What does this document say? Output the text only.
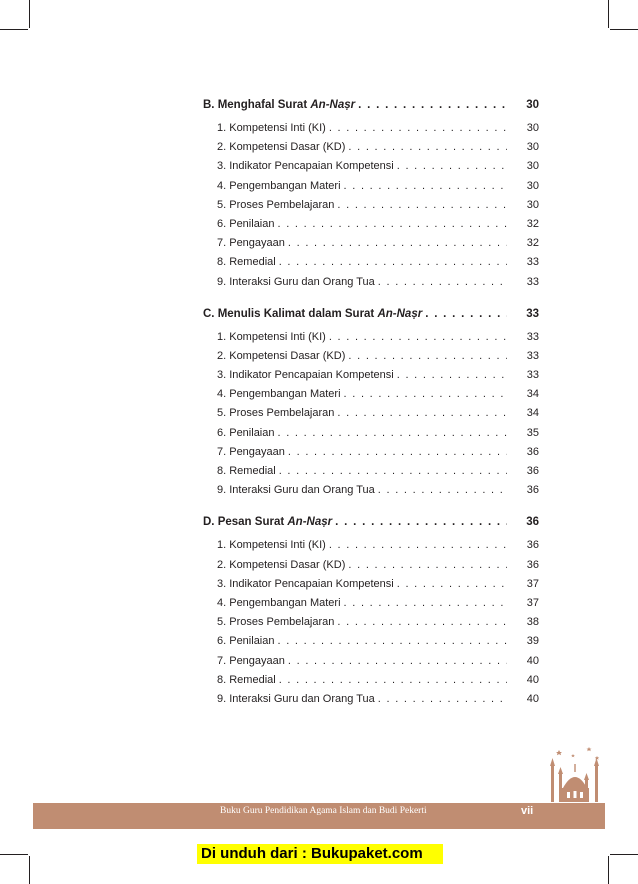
B. Menghafal Surat An-Naṣr . . .	30
1. Kompetensi Inti (KI) . . .	30
2. Kompetensi Dasar (KD) . . .	30
3. Indikator Pencapaian Kompetensi . . .	30
4. Pengembangan Materi . . .	30
5. Proses Pembelajaran . . .	30
6. Penilaian . . .	32
7. Pengayaan . . .	32
8. Remedial . . .	33
9. Interaksi Guru dan Orang Tua . . .	33
C. Menulis Kalimat dalam Surat An-Naṣr . . .	33
1. Kompetensi Inti (KI) . . .	33
2. Kompetensi Dasar (KD) . . .	33
3. Indikator Pencapaian Kompetensi . . .	33
4. Pengembangan Materi . . .	34
5. Proses Pembelajaran . . .	34
6. Penilaian . . .	35
7. Pengayaan . . .	36
8. Remedial . . .	36
9. Interaksi Guru dan Orang Tua . . .	36
D. Pesan Surat An-Naṣr . . .	36
1. Kompetensi Inti (KI) . . .	36
2. Kompetensi Dasar (KD) . . .	36
3. Indikator Pencapaian Kompetensi . . .	37
4. Pengembangan Materi . . .	37
5. Proses Pembelajaran . . .	38
6. Penilaian . . .	39
7. Pengayaan . . .	40
8. Remedial . . .	40
9. Interaksi Guru dan Orang Tua . . .	40
Buku Guru Pendidikan Agama Islam dan Budi Pekerti	vii
Di unduh dari : Bukupaket.com
